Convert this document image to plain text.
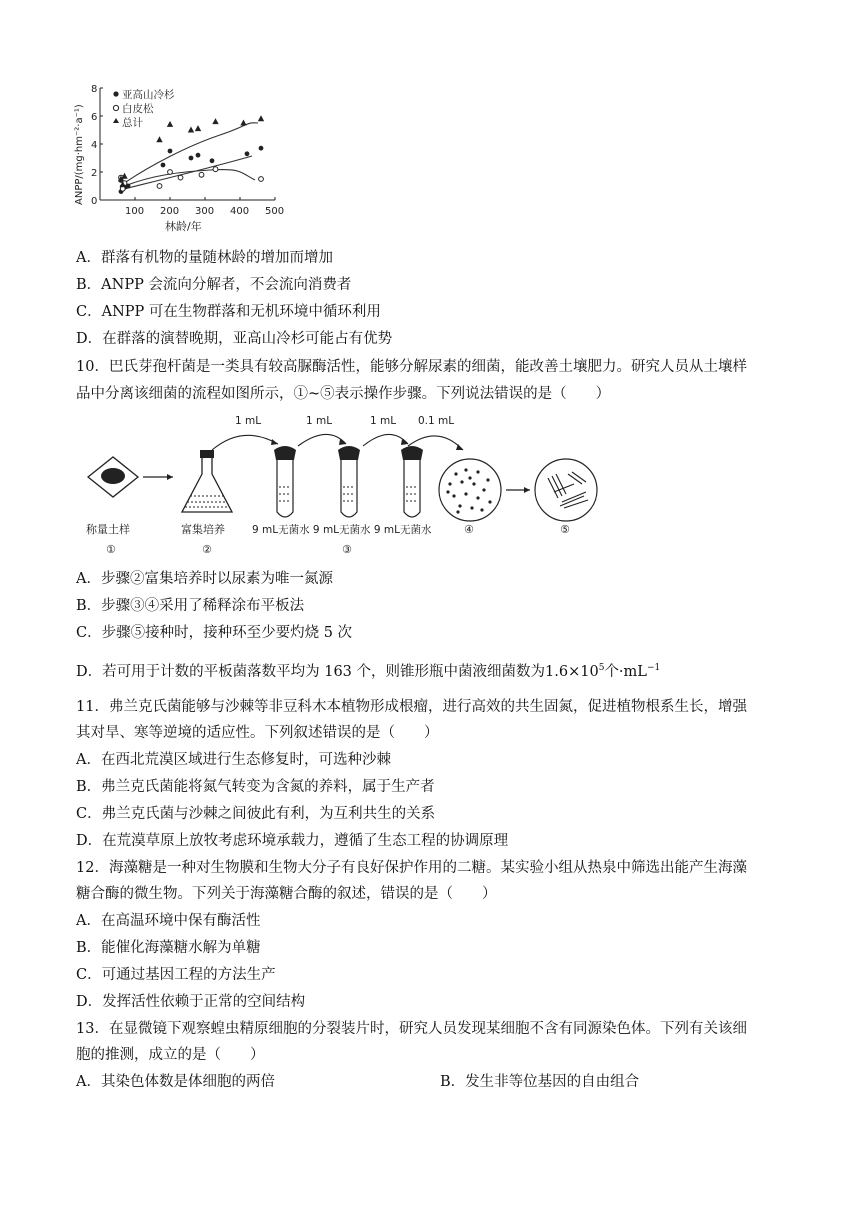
0
2
4
6
8
100 200 300 400 500
ANPP/(mg·hm⁻²·a⁻¹)
林龄/年
亚高山冷杉
白皮松
总计
A．群落有机物的量随林龄的增加而增加
B．ANPP 会流向分解者，不会流向消费者
C．ANPP 可在生物群落和无机环境中循环利用
D．在群落的演替晚期，亚高山冷杉可能占有优势
10．巴氏芽孢杆菌是一类具有较高脲酶活性，能够分解尿素的细菌，能改善土壤肥力。研究人员从土壤样
品中分离该细菌的流程如图所示，①~⑤表示操作步骤。下列说法错误的是（　　）
1 mL	1 mL	1 mL 0.1 mL
称量土样
①
富集培养
②
9 mL无菌水 9 mL无菌水 9 mL无菌水
③
④	⑤
A．步骤②富集培养时以尿素为唯一氮源
B．步骤③④采用了稀释涂布平板法
C．步骤⑤接种时，接种环至少要灼烧 5 次
D．若可用于计数的平板菌落数平均为 163 个，则锥形瓶中菌液细菌数为$1.6\times 10^5$个$\cdot mL^{-1}$
11．弗兰克氏菌能够与沙棘等非豆科木本植物形成根瘤，进行高效的共生固氮，促进植物根系生长，增强
其对旱、寒等逆境的适应性。下列叙述错误的是（　　）
A．在西北荒漠区域进行生态修复时，可选种沙棘
B．弗兰克氏菌能将氮气转变为含氮的养料，属于生产者
C．弗兰克氏菌与沙棘之间彼此有利，为互利共生的关系
D．在荒漠草原上放牧考虑环境承载力，遵循了生态工程的协调原理
12．海藻糖是一种对生物膜和生物大分子有良好保护作用的二糖。某实验小组从热泉中筛选出能产生海藻
糖合酶的微生物。下列关于海藻糖合酶的叙述，错误的是（　　）
A．在高温环境中保有酶活性
B．能催化海藻糖水解为单糖
C．可通过基因工程的方法生产
D．发挥活性依赖于正常的空间结构
13．在显微镜下观察蝗虫精原细胞的分裂装片时，研究人员发现某细胞不含有同源染色体。下列有关该细
胞的推测，成立的是（　　）
A．其染色体数是体细胞的两倍	B．发生非等位基因的自由组合
